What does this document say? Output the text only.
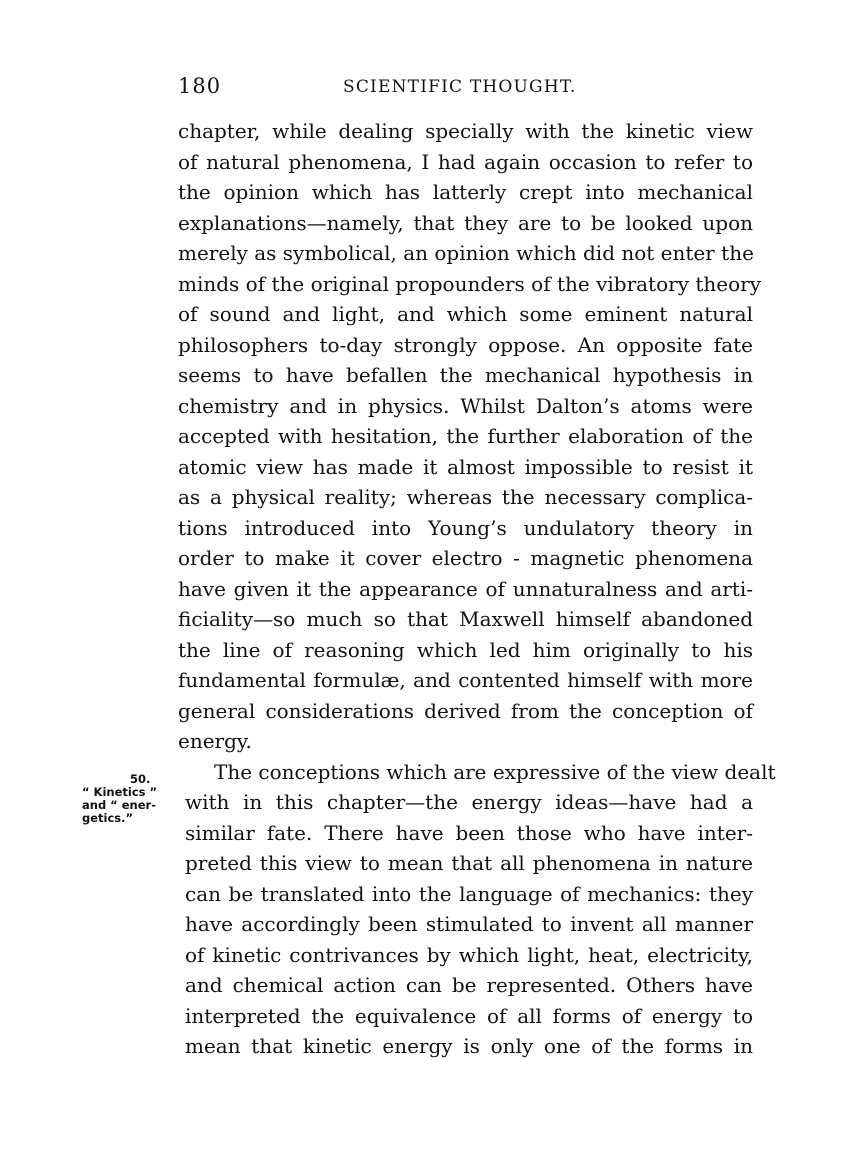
180	SCIENTIFIC THOUGHT.
50.
“ Kinetics ”
and “ ener-
getics.”
chapter, while dealing specially with the kinetic view
of natural phenomena, I had again occasion to refer to
the opinion which has latterly crept into mechanical
explanations—namely, that they are to be looked upon
merely as symbolical, an opinion which did not enter the
minds of the original propounders of the vibratory theory
of sound and light, and which some eminent natural
philosophers to-day strongly oppose. An opposite fate
seems to have befallen the mechanical hypothesis in
chemistry and in physics. Whilst Dalton’s atoms were
accepted with hesitation, the further elaboration of the
atomic view has made it almost impossible to resist it
as a physical reality; whereas the necessary complica-
tions introduced into Young’s undulatory theory in
order to make it cover electro - magnetic phenomena
have given it the appearance of unnaturalness and arti-
ficiality—so much so that Maxwell himself abandoned
the line of reasoning which led him originally to his
fundamental formulæ, and contented himself with more
general considerations derived from the conception of
energy.
The conceptions which are expressive of the view dealt
with in this chapter—the energy ideas—have had a
similar fate. There have been those who have inter-
preted this view to mean that all phenomena in nature
can be translated into the language of mechanics: they
have accordingly been stimulated to invent all manner
of kinetic contrivances by which light, heat, electricity,
and chemical action can be represented. Others have
interpreted the equivalence of all forms of energy to
mean that kinetic energy is only one of the forms in
